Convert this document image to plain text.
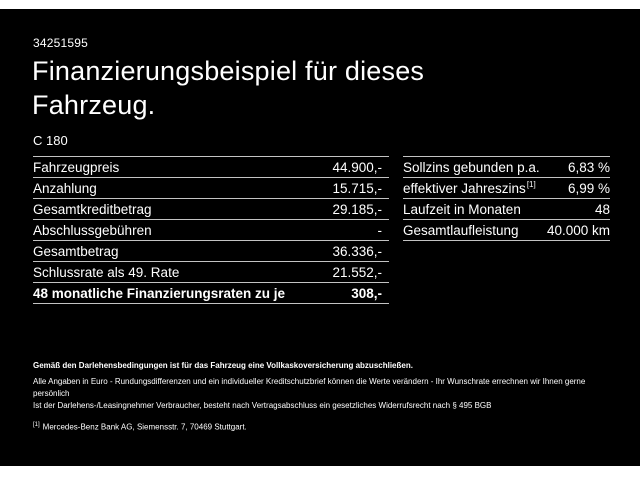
34251595
Finanzierungsbeispiel für dieses Fahrzeug.
C 180
Fahrzeugpreis	44.900,-
Anzahlung	15.715,-
Gesamtkreditbetrag	29.185,-
Abschlussgebühren	-
Gesamtbetrag	36.336,-
Schlussrate als 49. Rate	21.552,-
48 monatliche Finanzierungsraten zu je	308,-
Sollzins gebunden p.a. 6,83 %
effektiver Jahreszins[1] 6,99 %
Laufzeit in Monaten	48
Gesamtlaufleistung 40.000 km

Gemäß den Darlehensbedingungen ist für das Fahrzeug eine Vollkaskoversicherung abzuschließen.

Alle Angaben in Euro - Rundungsdifferenzen und ein individueller Kreditschutzbrief können die Werte verändern - Ihr Wunschrate errechnen wir Ihnen gerne persönlich

Ist der Darlehens-/Leasingnehmer Verbraucher, besteht nach Vertragsabschluss ein gesetzliches Widerrufsrecht nach § 495 BGB

[1] Mercedes-Benz Bank AG, Siemensstr. 7, 70469 Stuttgart.
